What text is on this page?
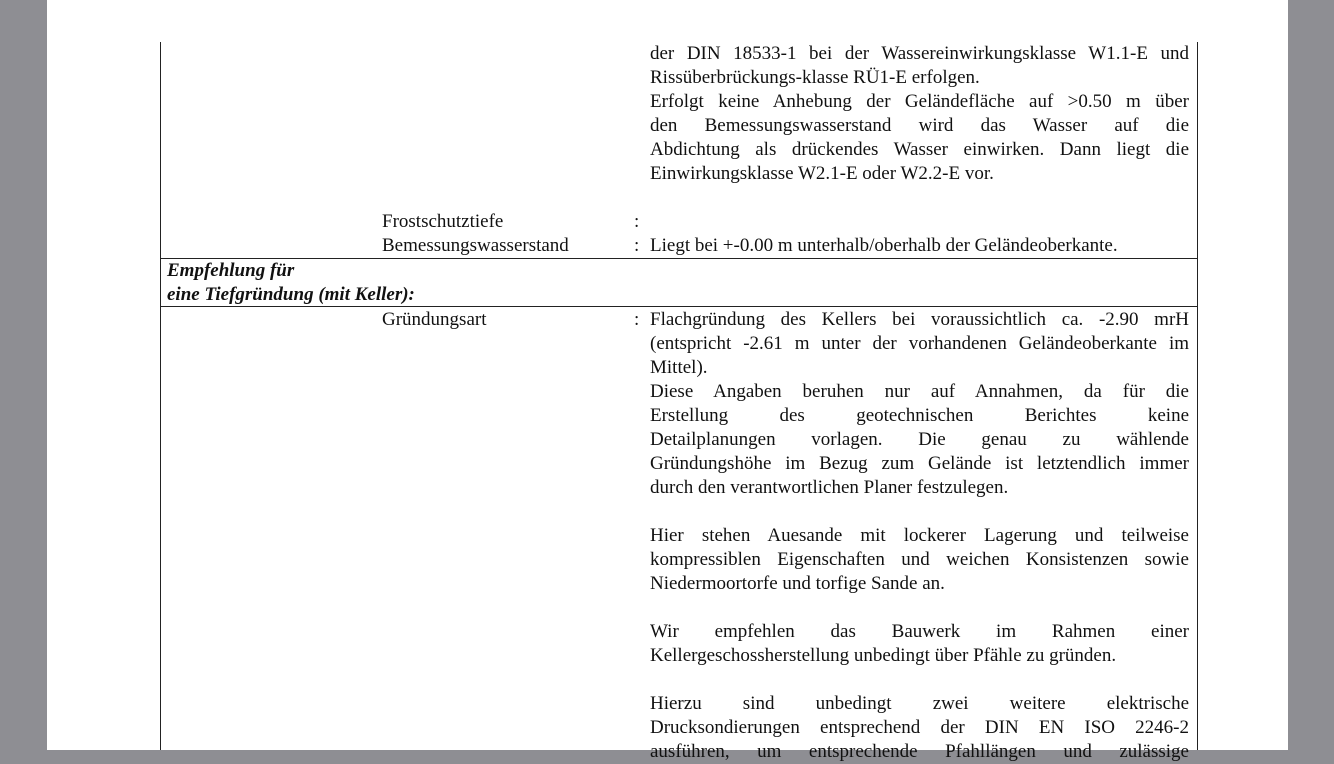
der DIN 18533-1 bei der Wassereinwirkungsklasse W1.1-E und
Rissüberbrückungs-klasse RÜ1-E erfolgen.
Erfolgt keine Anhebung der Geländefläche auf >0.50 m über
den Bemessungswasserstand wird das Wasser auf die
Abdichtung als drückendes Wasser einwirken. Dann liegt die
Einwirkungsklasse W2.1-E oder W2.2-E vor.
Frostschutztiefe	:
Bemessungswasserstand	: Liegt bei +-0.00 m unterhalb/oberhalb der Geländeoberkante.
Empfehlung für
eine Tiefgründung (mit Keller):
Gründungsart	: Flachgründung des Kellers bei voraussichtlich ca. -2.90 mrH
(entspricht -2.61 m unter der vorhandenen Geländeoberkante im
Mittel).
Diese Angaben beruhen nur auf Annahmen, da für die
Erstellung des geotechnischen Berichtes keine
Detailplanungen vorlagen. Die genau zu wählende
Gründungshöhe im Bezug zum Gelände ist letztendlich immer
durch den verantwortlichen Planer festzulegen.
Hier stehen Auesande mit lockerer Lagerung und teilweise
kompressiblen Eigenschaften und weichen Konsistenzen sowie
Niedermoortorfe und torfige Sande an.
Wir empfehlen das Bauwerk im Rahmen einer
Kellergeschossherstellung unbedingt über Pfähle zu gründen.
Hierzu sind unbedingt zwei weitere elektrische
Drucksondierungen entsprechend der DIN EN ISO 2246-2
ausführen, um entsprechende Pfahllängen und zulässige
